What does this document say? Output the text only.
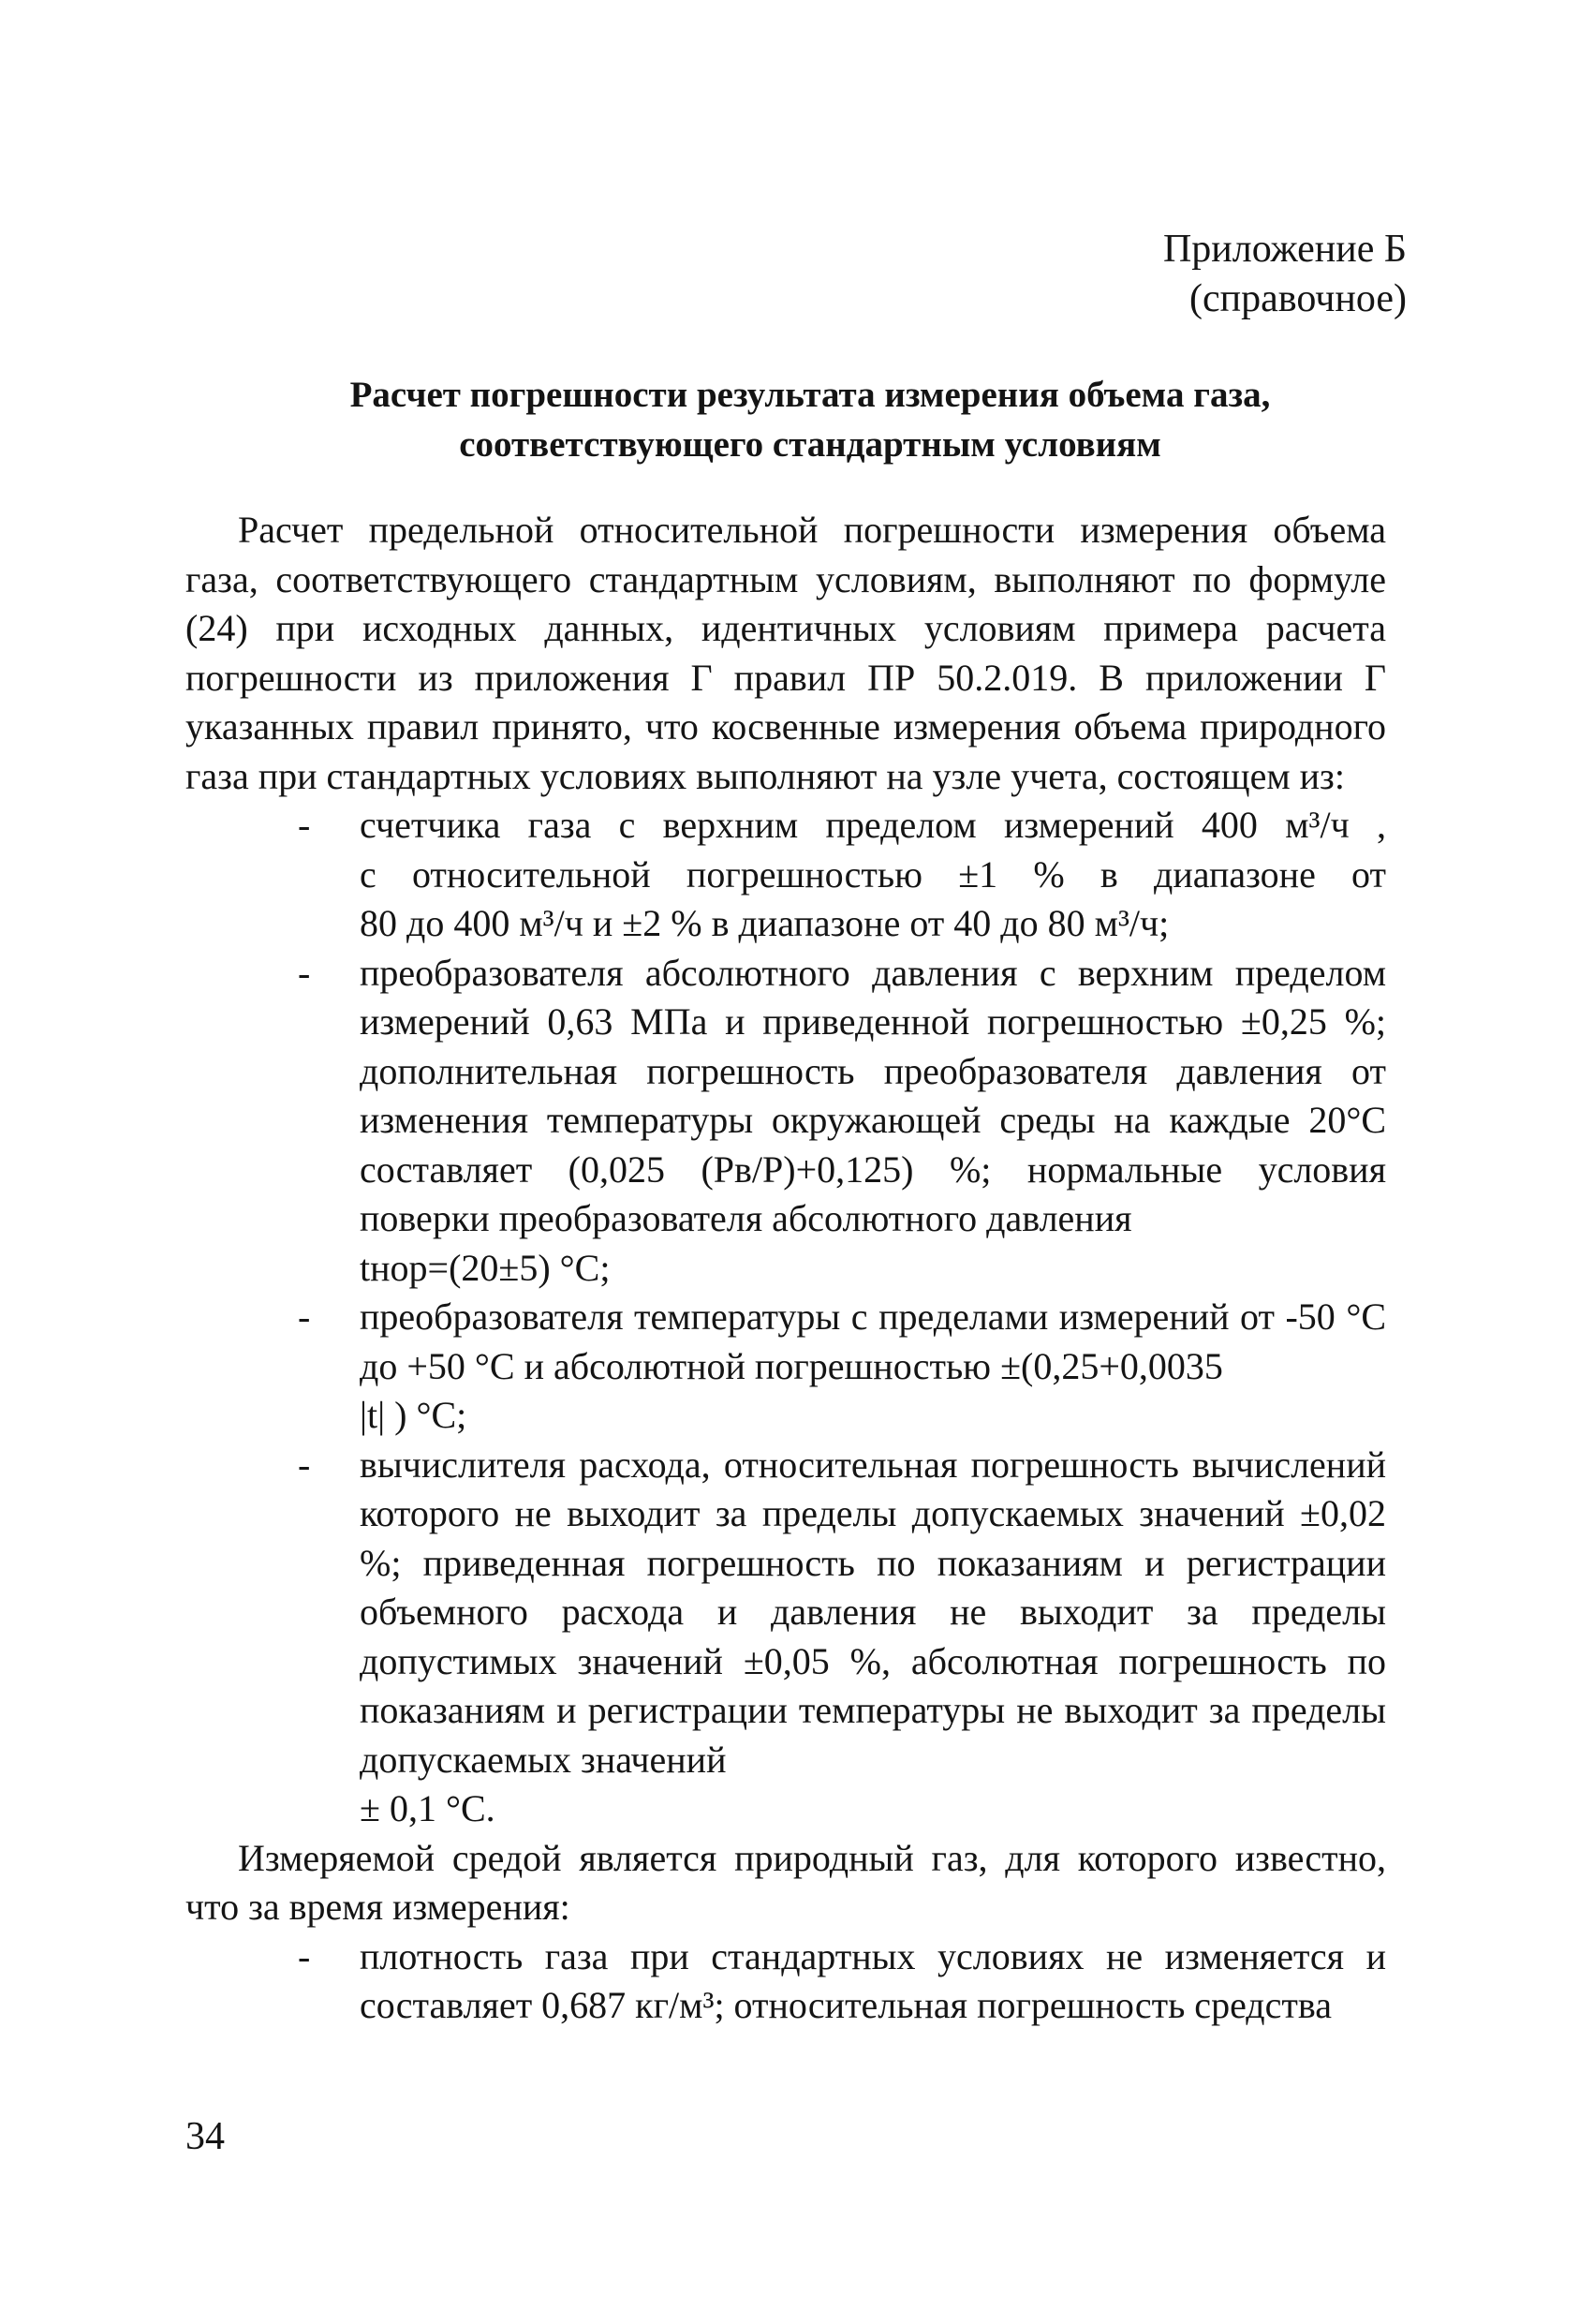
Приложение Б
(справочное)
Расчет погрешности результата измерения объема газа,
соответствующего стандартным условиям

Расчет предельной относительной погрешности измерения объема газа, соответствующего стандартным условиям, выполняют по формуле (24) при исходных данных, идентичных условиям примера расчета погрешности из приложения Г правил ПР 50.2.019. В приложении Г указанных правил принято, что косвенные измерения объема природного газа при стандартных условиях выполняют на узле учета, состоящем из:

- счетчика газа с верхним пределом измерений 400 м³/ч ,
с относительной погрешностью ±1 % в диапазоне от
80 до 400 м³/ч и ±2 % в диапазоне от 40 до 80 м³/ч;
- преобразователя абсолютного давления с верхним пределом измерений 0,63 МПа и приведенной погрешностью ±0,25 %; дополнительная погрешность преобразователя давления от изменения температуры окружающей среды на каждые 20°С составляет (0,025 (Pв/P)+0,125) %; нормальные условия поверки преобразователя абсолютного давления
tнор=(20±5) °С;
- преобразователя температуры с пределами измерений от -50 °С до +50 °С и абсолютной погрешностью ±(0,25+0,0035
|t| ) °С;
- вычислителя расхода, относительная погрешность вычислений которого не выходит за пределы допускаемых значений ±0,02 %; приведенная погрешность по показаниям и регистрации объемного расхода и давления не выходит за пределы допустимых значений ±0,05 %, абсолютная погрешность по показаниям и регистрации температуры не выходит за пределы допускаемых значений
± 0,1 °С.

Измеряемой средой является природный газ, для которого известно, что за время измерения:

- плотность газа при стандартных условиях не изменяется и составляет 0,687 кг/м³; относительная погрешность средства
34
